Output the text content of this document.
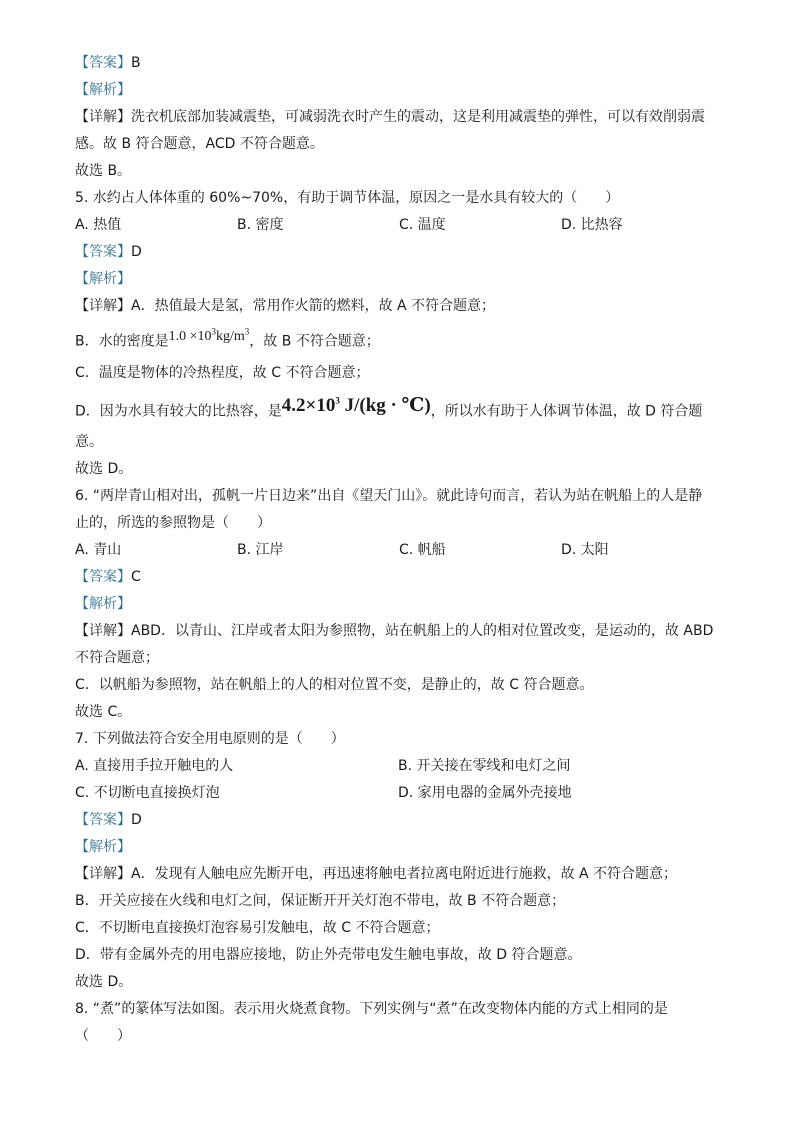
【答案】B
【解析】
【详解】洗衣机底部加装减震垫，可减弱洗衣时产生的震动，这是利用减震垫的弹性，可以有效削弱震
感。故 B 符合题意，ACD 不符合题意。
故选 B。
5. 水约占人体体重的 60%~70%，有助于调节体温，原因之一是水具有较大的（　　）
A. 热值	B. 密度	C. 温度	D. 比热容
【答案】D
【解析】
【详解】A．热值最大是氢，常用作火箭的燃料，故 A 不符合题意；
B．水的密度是$1.0 \times 10^3kg/m^3$，故 B 不符合题意；
C．温度是物体的冷热程度，故 C 不符合题意；
D．因为水具有较大的比热容，是$4.2\times 10^3$ J/(kg · ℃)，所以水有助于人体调节体温，故 D 符合题
意。
故选 D。
6. “两岸青山相对出，孤帆一片日边来”出自《望天门山》。就此诗句而言，若认为站在帆船上的人是静
止的，所选的参照物是（　　）
A. 青山	B. 江岸	C. 帆船	D. 太阳
【答案】C
【解析】
【详解】ABD．以青山、江岸或者太阳为参照物，站在帆船上的人的相对位置改变，是运动的，故 ABD
不符合题意；
C．以帆船为参照物，站在帆船上的人的相对位置不变，是静止的，故 C 符合题意。
故选 C。
7. 下列做法符合安全用电原则的是（　　）
A. 直接用手拉开触电的人	B. 开关接在零线和电灯之间
C. 不切断电直接换灯泡	D. 家用电器的金属外壳接地
【答案】D
【解析】
【详解】A．发现有人触电应先断开电，再迅速将触电者拉离电附近进行施救，故 A 不符合题意；
B．开关应接在火线和电灯之间，保证断开开关灯泡不带电，故 B 不符合题意；
C．不切断电直接换灯泡容易引发触电，故 C 不符合题意；
D．带有金属外壳的用电器应接地，防止外壳带电发生触电事故，故 D 符合题意。
故选 D。
8. “煮”的篆体写法如图。表示用火烧煮食物。下列实例与“煮”在改变物体内能的方式上相同的是
（　　）
